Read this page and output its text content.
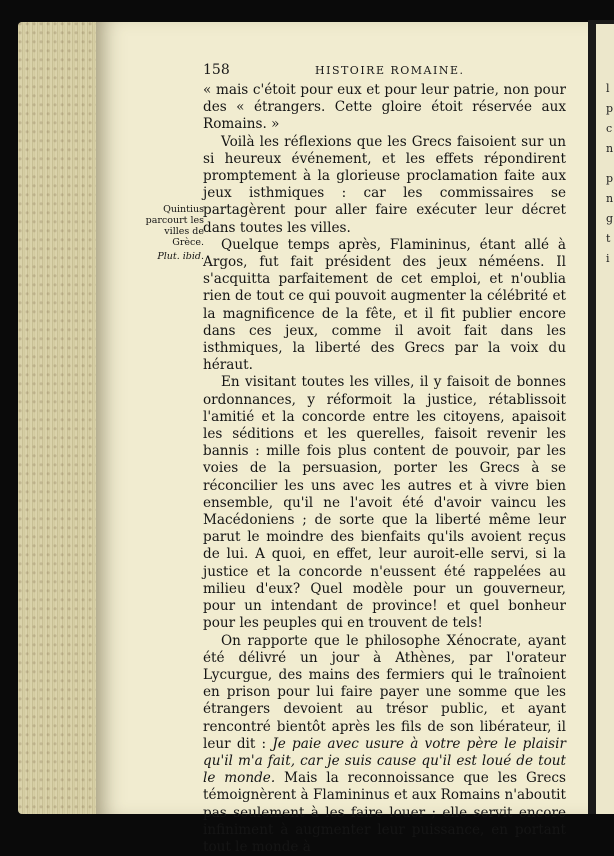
l
p
c
n
p
n
g
t
i
158	HISTOIRE ROMAINE.
Quintius parcourt les villes de Grèce.
Plut. ibid.

« mais c'étoit pour eux et pour leur patrie, non pour des « étrangers. Cette gloire étoit réservée aux Romains. »

Voilà les réflexions que les Grecs faisoient sur un si heureux événement, et les effets répondirent promptement à la glorieuse proclamation faite aux jeux isthmiques : car les commissaires se partagèrent pour aller faire exécuter leur décret dans toutes les villes.

Quelque temps après, Flamininus, étant allé à Argos, fut fait président des jeux néméens. Il s'acquitta parfaitement de cet emploi, et n'oublia rien de tout ce qui pouvoit augmenter la célébrité et la magnificence de la fête, et il fit publier encore dans ces jeux, comme il avoit fait dans les isthmiques, la liberté des Grecs par la voix du héraut.

En visitant toutes les villes, il y faisoit de bonnes ordonnances, y réformoit la justice, rétablissoit l'amitié et la concorde entre les citoyens, apaisoit les séditions et les querelles, faisoit revenir les bannis : mille fois plus content de pouvoir, par les voies de la persuasion, porter les Grecs à se réconcilier les uns avec les autres et à vivre bien ensemble, qu'il ne l'avoit été d'avoir vaincu les Macédoniens ; de sorte que la liberté même leur parut le moindre des bienfaits qu'ils avoient reçus de lui. A quoi, en effet, leur auroit-elle servi, si la justice et la concorde n'eussent été rappelées au milieu d'eux? Quel modèle pour un gouverneur, pour un intendant de province! et quel bonheur pour les peuples qui en trouvent de tels!

On rapporte que le philosophe Xénocrate, ayant été délivré un jour à Athènes, par l'orateur Lycurgue, des mains des fermiers qui le traînoient en prison pour lui faire payer une somme que les étrangers devoient au trésor public, et ayant rencontré bientôt après les fils de son libérateur, il leur dit : Je paie avec usure à votre père le plaisir qu'il m'a fait, car je suis cause qu'il est loué de tout le monde. Mais la reconnoissance que les Grecs témoignèrent à Flamininus et aux Romains n'aboutit pas seulement à les faire louer ; elle servit encore infiniment à augmenter leur puissance, en portant tout le monde à
